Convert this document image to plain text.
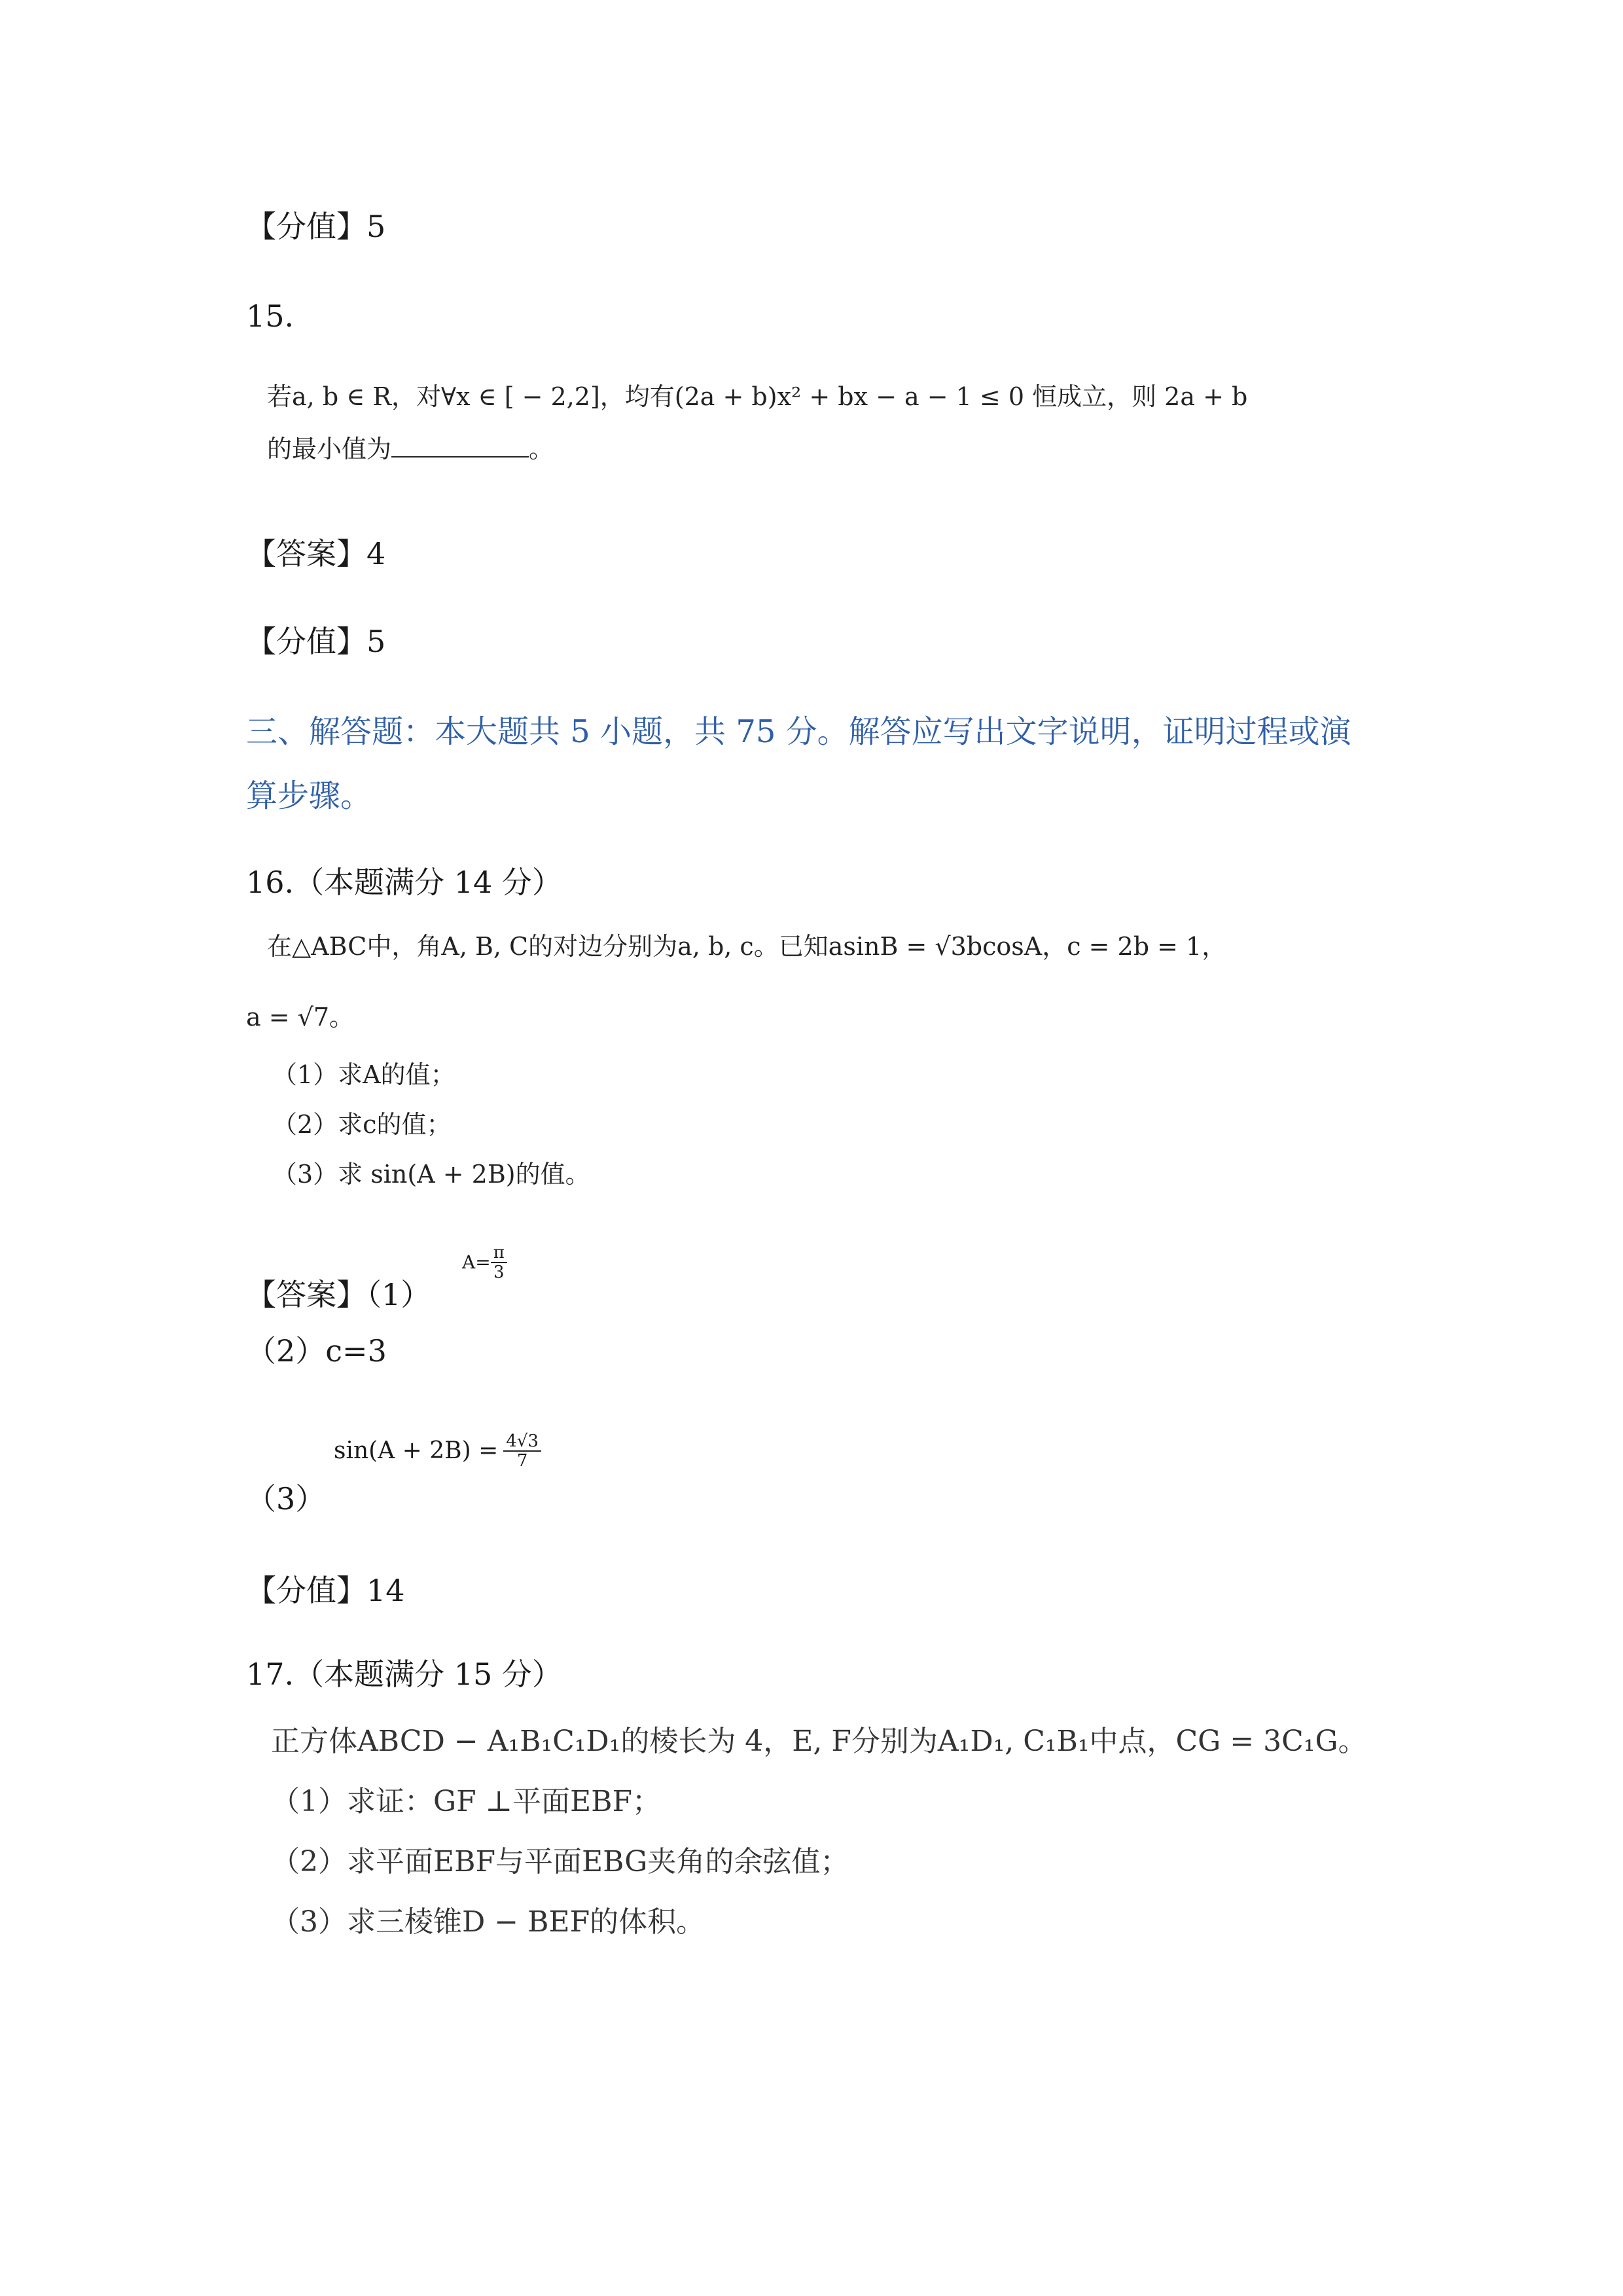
【分值】5
15.
若a, b ∈ R，对∀x ∈ [ − 2,2]，均有(2a + b)x² + bx − a − 1 ≤ 0 恒成立，则 2a + b
的最小值为	。
【答案】4
【分值】5
三、解答题：本大题共 5 小题，共 75 分。解答应写出文字说明，证明过程或演
算步骤。
16.（本题满分 14 分）
在△ABC中，角A, B, C的对边分别为a, b, c。已知asinB = √3bcosA，c = 2b = 1，
a = √7。
（1）求A的值；
（2）求c的值；
（3）求 sin(A + 2B)的值。
【答案】（1）
$A= \frac{\pi}{3}$
（2）c=3
$\sin(A + 2B) = \frac{4√3}{7}$
（3）
【分值】14
17.（本题满分 15 分）
正方体ABCD − A₁B₁C₁D₁的棱长为 4，E, F分别为A₁D₁, C₁B₁中点，CG = 3C₁G。
（1）求证：GF ⊥平面EBF；
（2）求平面EBF与平面EBG夹角的余弦值；
（3）求三棱锥D − BEF的体积。
